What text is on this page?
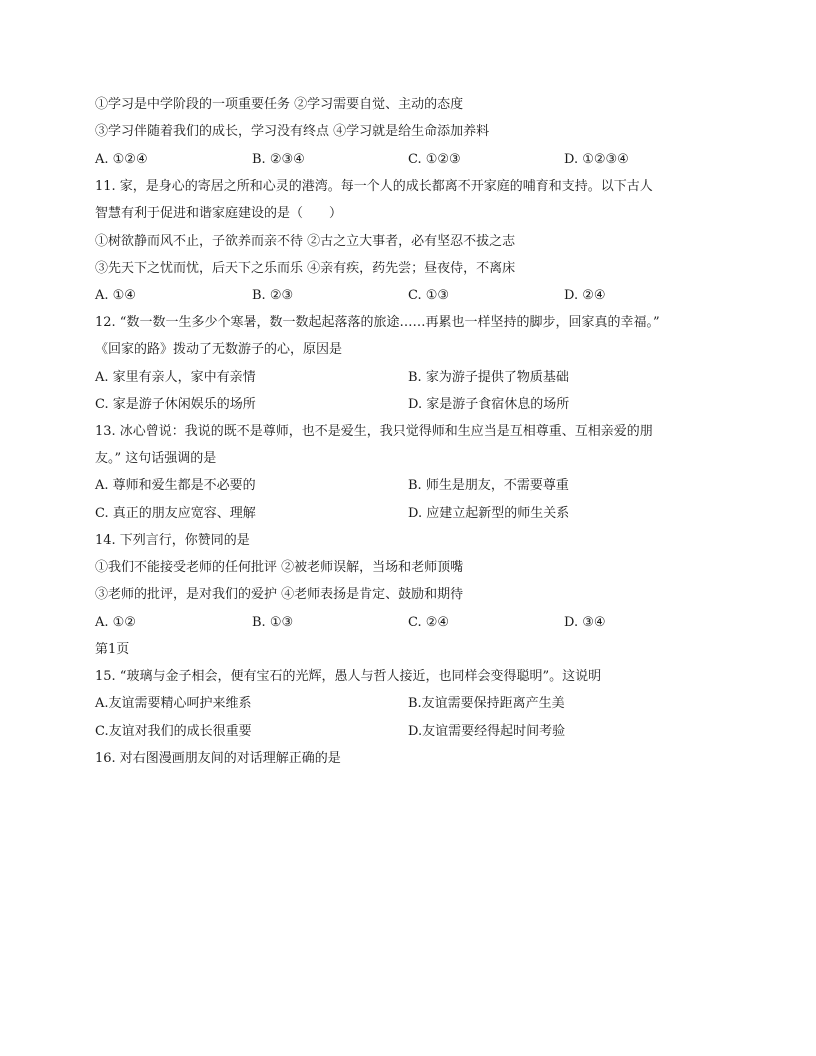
①学习是中学阶段的一项重要任务 ②学习需要自觉、主动的态度
③学习伴随着我们的成长，学习没有终点 ④学习就是给生命添加养料
A. ①②④	B. ②③④	C. ①②③	D. ①②③④
11. 家，是身心的寄居之所和心灵的港湾。每一个人的成长都离不开家庭的哺育和支持。以下古人
智慧有利于促进和谐家庭建设的是（　　）
①树欲静而风不止，子欲养而亲不待 ②古之立大事者，必有坚忍不拔之志
③先天下之忧而忧，后天下之乐而乐 ④亲有疾，药先尝；昼夜侍，不离床
A. ①④	B. ②③	C. ①③	D. ②④
12. “数一数一生多少个寒暑，数一数起起落落的旅途……再累也一样坚持的脚步，回家真的幸福。”
《回家的路》拨动了无数游子的心，原因是
A. 家里有亲人，家中有亲情	B. 家为游子提供了物质基础
C. 家是游子休闲娱乐的场所	D. 家是游子食宿休息的场所
13. 冰心曾说：我说的既不是尊师，也不是爱生，我只觉得师和生应当是互相尊重、互相亲爱的朋
友。” 这句话强调的是
A. 尊师和爱生都是不必要的	B. 师生是朋友，不需要尊重
C. 真正的朋友应宽容、理解	D. 应建立起新型的师生关系
14. 下列言行，你赞同的是
①我们不能接受老师的任何批评 ②被老师误解，当场和老师顶嘴
③老师的批评，是对我们的爱护 ④老师表扬是肯定、鼓励和期待
A. ①②	B. ①③	C. ②④	D. ③④
第1页
15. “玻璃与金子相会，便有宝石的光辉，愚人与哲人接近，也同样会变得聪明”。这说明
A.友谊需要精心呵护来维系	B.友谊需要保持距离产生美
C.友谊对我们的成长很重要	D.友谊需要经得起时间考验
16. 对右图漫画朋友间的对话理解正确的是
